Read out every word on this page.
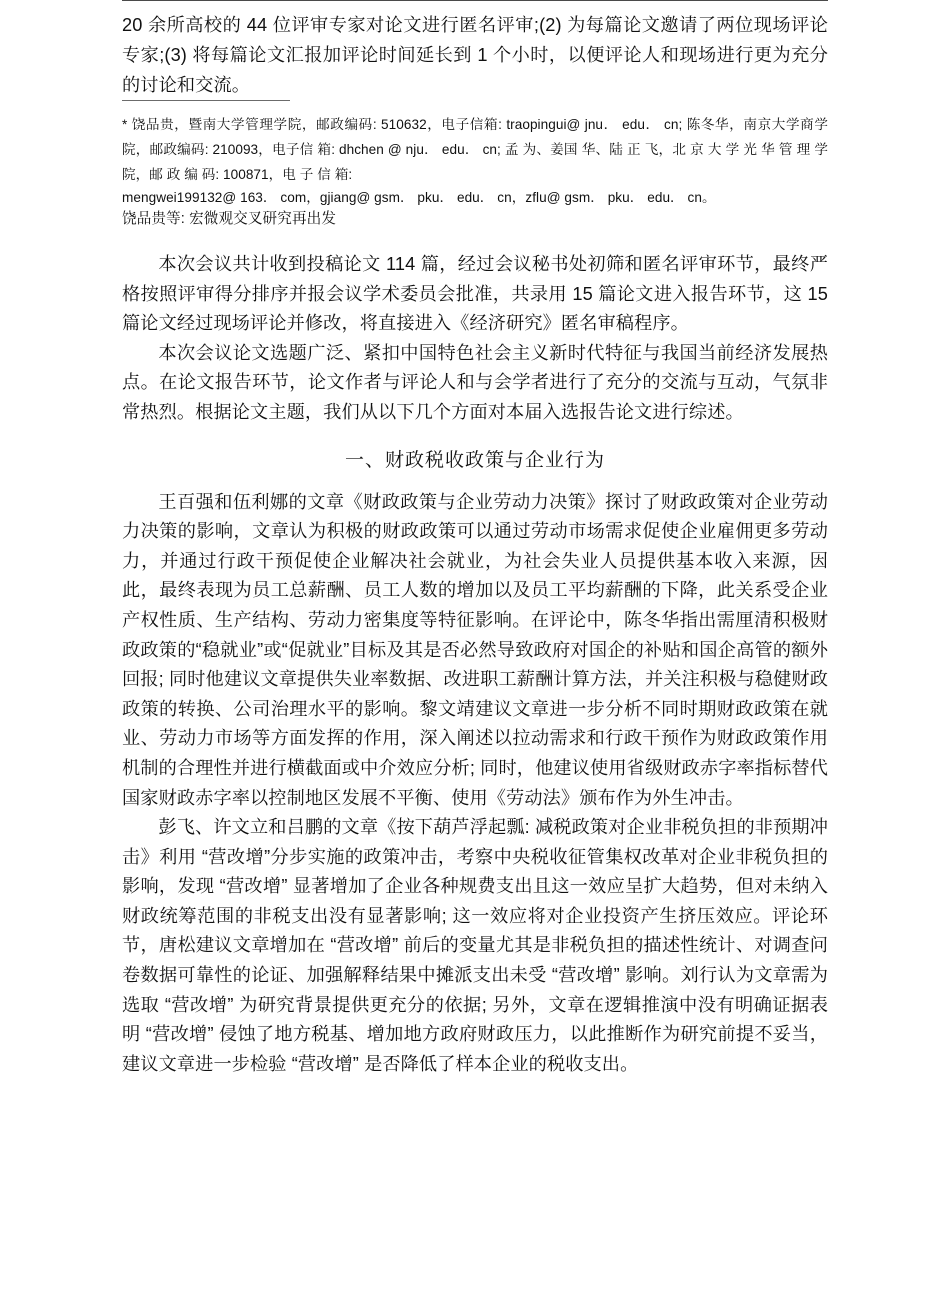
20 余所高校的 44 位评审专家对论文进行匿名评审;(2) 为每篇论文邀请了两位现场评论专家;(3) 将每篇论文汇报加评论时间延长到 1 个小时，以便评论人和现场进行更为充分的讨论和交流。

* 饶品贵，暨南大学管理学院，邮政编码: 510632，电子信箱: traopingui@ jnu． edu． cn; 陈冬华，南京大学商学院，邮政编码: 210093，电子信 箱: dhchen @ nju． edu． cn; 孟 为、姜国 华、陆 正 飞，北 京 大 学 光 华 管 理 学 院，邮 政 编 码: 100871，电 子 信 箱:

mengwei199132@ 163． com，gjiang@ gsm． pku． edu． cn，zflu@ gsm． pku． edu． cn。

饶品贵等: 宏微观交叉研究再出发

本次会议共计收到投稿论文 114 篇，经过会议秘书处初筛和匿名评审环节，最终严格按照评审得分排序并报会议学术委员会批准，共录用 15 篇论文进入报告环节，这 15 篇论文经过现场评论并修改，将直接进入《经济研究》匿名审稿程序。

本次会议论文选题广泛、紧扣中国特色社会主义新时代特征与我国当前经济发展热点。在论文报告环节，论文作者与评论人和与会学者进行了充分的交流与互动，气氛非常热烈。根据论文主题，我们从以下几个方面对本届入选报告论文进行综述。

一、财政税收政策与企业行为

王百强和伍利娜的文章《财政政策与企业劳动力决策》探讨了财政政策对企业劳动力决策的影响，文章认为积极的财政政策可以通过劳动市场需求促使企业雇佣更多劳动力，并通过行政干预促使企业解决社会就业，为社会失业人员提供基本收入来源，因此，最终表现为员工总薪酬、员工人数的增加以及员工平均薪酬的下降，此关系受企业产权性质、生产结构、劳动力密集度等特征影响。在评论中，陈冬华指出需厘清积极财政政策的“稳就业”或“促就业”目标及其是否必然导致政府对国企的补贴和国企高管的额外回报; 同时他建议文章提供失业率数据、改进职工薪酬计算方法，并关注积极与稳健财政政策的转换、公司治理水平的影响。黎文靖建议文章进一步分析不同时期财政政策在就业、劳动力市场等方面发挥的作用，深入阐述以拉动需求和行政干预作为财政政策作用机制的合理性并进行横截面或中介效应分析; 同时，他建议使用省级财政赤字率指标替代国家财政赤字率以控制地区发展不平衡、使用《劳动法》颁布作为外生冲击。

彭飞、许文立和吕鹏的文章《按下葫芦浮起瓢: 减税政策对企业非税负担的非预期冲击》利用 “营改增”分步实施的政策冲击，考察中央税收征管集权改革对企业非税负担的影响，发现 “营改增” 显著增加了企业各种规费支出且这一效应呈扩大趋势，但对未纳入财政统筹范围的非税支出没有显著影响; 这一效应将对企业投资产生挤压效应。评论环节，唐松建议文章增加在 “营改增” 前后的变量尤其是非税负担的描述性统计、对调查问卷数据可靠性的论证、加强解释结果中摊派支出未受 “营改增” 影响。刘行认为文章需为选取 “营改增” 为研究背景提供更充分的依据; 另外，文章在逻辑推演中没有明确证据表明 “营改增” 侵蚀了地方税基、增加地方政府财政压力，以此推断作为研究前提不妥当，建议文章进一步检验 “营改增” 是否降低了样本企业的税收支出。
